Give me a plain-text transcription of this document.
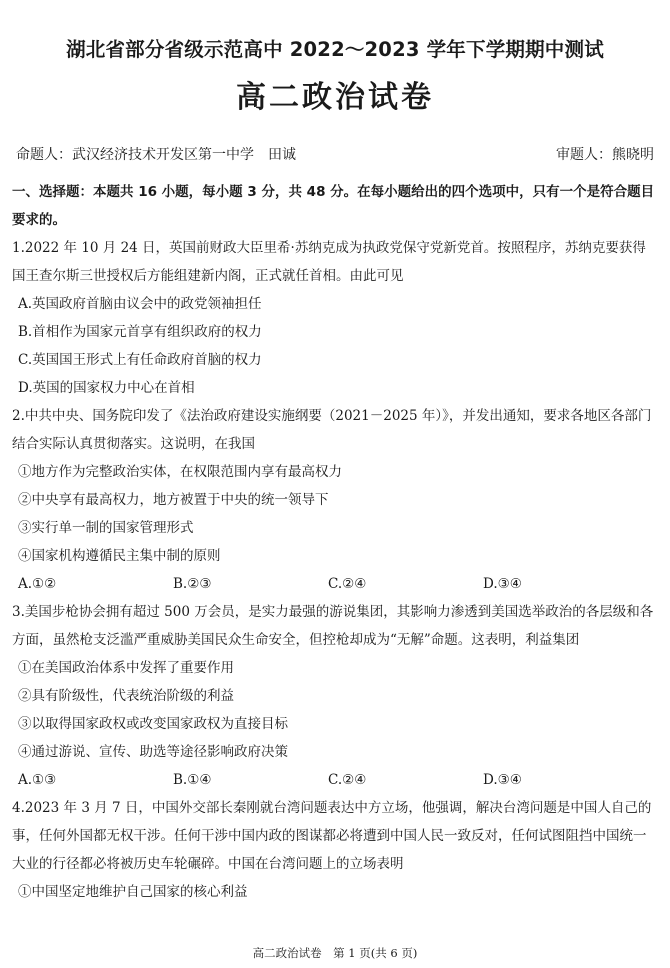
湖北省部分省级示范高中 2022～2023 学年下学期期中测试
高二政治试卷
命题人：武汉经济技术开发区第一中学　田诚	审题人：熊晓明
一、选择题：本题共 16 小题，每小题 3 分，共 48 分。在每小题给出的四个选项中，只有一个是符合题目要求的。

1.2022 年 10 月 24 日，英国前财政大臣里希·苏纳克成为执政党保守党新党首。按照程序，苏纳克要获得国王查尔斯三世授权后方能组建新内阁，正式就任首相。由此可见

A.英国政府首脑由议会中的政党领袖担任
B.首相作为国家元首享有组织政府的权力
C.英国国王形式上有任命政府首脑的权力
D.英国的国家权力中心在首相

2.中共中央、国务院印发了《法治政府建设实施纲要（2021－2025 年）》，并发出通知，要求各地区各部门结合实际认真贯彻落实。这说明，在我国

①地方作为完整政治实体，在权限范围内享有最高权力
②中央享有最高权力，地方被置于中央的统一领导下
③实行单一制的国家管理形式
④国家机构遵循民主集中制的原则
A.①②	B.②③	C.②④	D.③④

3.美国步枪协会拥有超过 500 万会员，是实力最强的游说集团，其影响力渗透到美国选举政治的各层级和各方面，虽然枪支泛滥严重威胁美国民众生命安全，但控枪却成为“无解”命题。这表明，利益集团

①在美国政治体系中发挥了重要作用
②具有阶级性，代表统治阶级的利益
③以取得国家政权或改变国家政权为直接目标
④通过游说、宣传、助选等途径影响政府决策
A.①③	B.①④	C.②④	D.③④

4.2023 年 3 月 7 日，中国外交部长秦刚就台湾问题表达中方立场，他强调，解决台湾问题是中国人自己的事，任何外国都无权干涉。任何干涉中国内政的图谋都必将遭到中国人民一致反对，任何试图阻挡中国统一大业的行径都必将被历史车轮碾碎。中国在台湾问题上的立场表明

①中国坚定地维护自己国家的核心利益
高二政治试卷　第 1 页(共 6 页)
